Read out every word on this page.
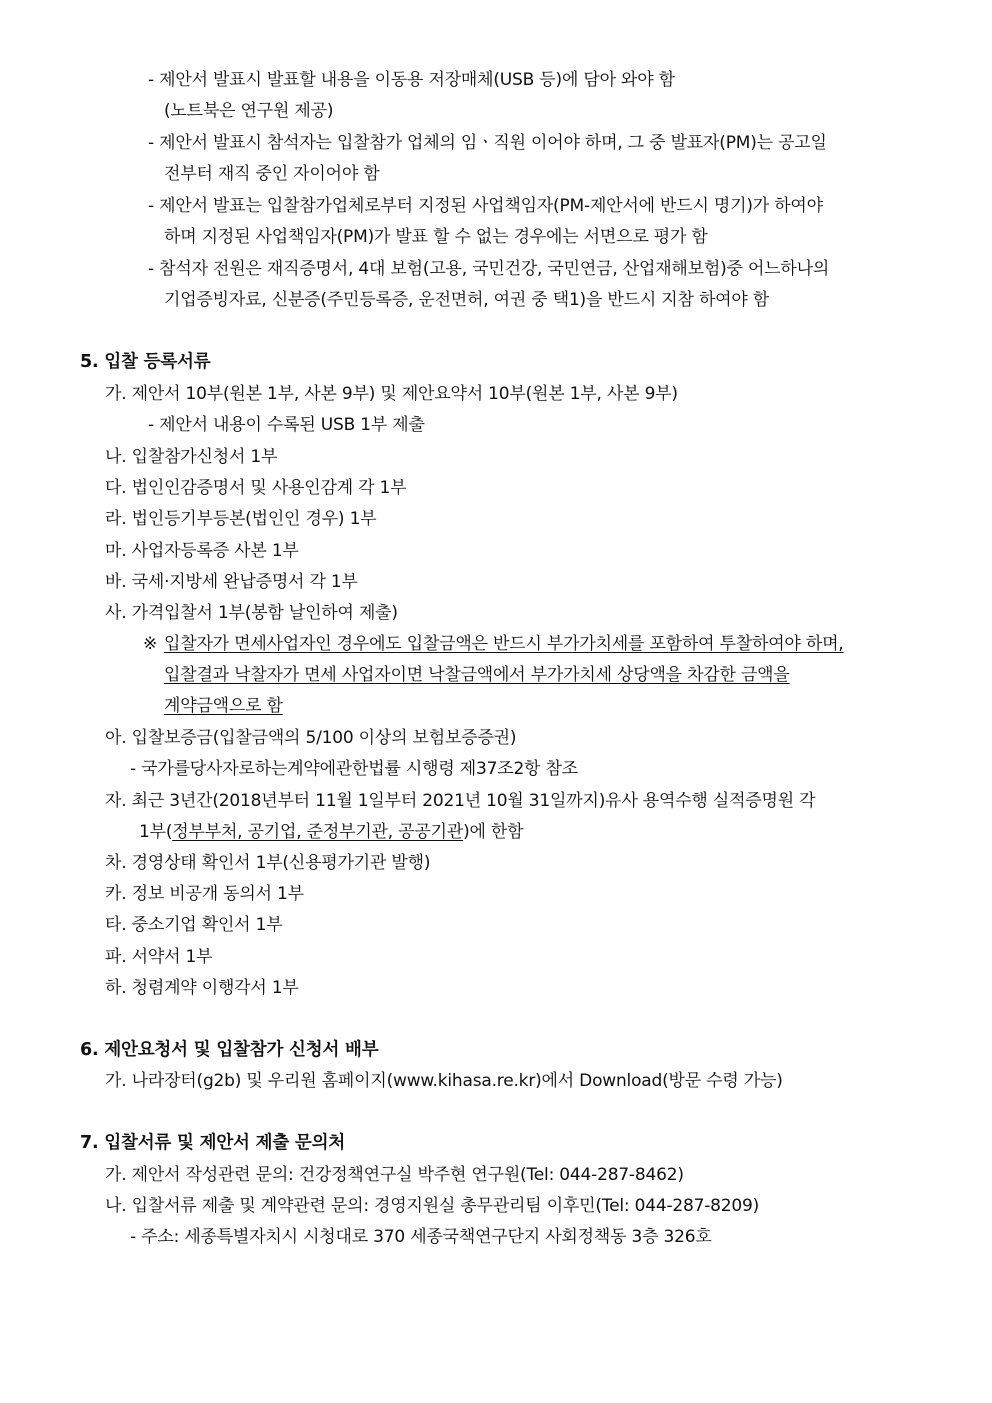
- 제안서 발표시 발표할 내용을 이동용 저장매체(USB 등)에 담아 와야 함
(노트북은 연구원 제공)
- 제안서 발표시 참석자는 입찰참가 업체의 임ㆍ직원 이어야 하며, 그 중 발표자(PM)는 공고일
전부터 재직 중인 자이어야 함
- 제안서 발표는 입찰참가업체로부터 지정된 사업책임자(PM-제안서에 반드시 명기)가 하여야
하며 지정된 사업책임자(PM)가 발표 할 수 없는 경우에는 서면으로 평가 함
- 참석자 전원은 재직증명서, 4대 보험(고용, 국민건강, 국민연금, 산업재해보험)중 어느하나의
기업증빙자료, 신분증(주민등록증, 운전면허, 여권 중 택1)을 반드시 지참 하여야 함
5. 입찰 등록서류
가. 제안서 10부(원본 1부, 사본 9부) 및 제안요약서 10부(원본 1부, 사본 9부)
- 제안서 내용이 수록된 USB 1부 제출
나. 입찰참가신청서 1부
다. 법인인감증명서 및 사용인감계 각 1부
라. 법인등기부등본(법인인 경우) 1부
마. 사업자등록증 사본 1부
바. 국세·지방세 완납증명서 각 1부
사. 가격입찰서 1부(봉함 날인하여 제출)
※ 입찰자가 면세사업자인 경우에도 입찰금액은 반드시 부가가치세를 포함하여 투찰하여야 하며,
입찰결과 낙찰자가 면세 사업자이면 낙찰금액에서 부가가치세 상당액을 차감한 금액을
계약금액으로 함
아. 입찰보증금(입찰금액의 5/100 이상의 보험보증증권)
- 국가를당사자로하는계약에관한법률 시행령 제37조2항 참조
자. 최근 3년간(2018년부터 11월 1일부터 2021년 10월 31일까지)유사 용역수행 실적증명원 각
1부(정부부처, 공기업, 준정부기관, 공공기관)에 한함
차. 경영상태 확인서 1부(신용평가기관 발행)
카. 정보 비공개 동의서 1부
타. 중소기업 확인서 1부
파. 서약서 1부
하. 청렴계약 이행각서 1부
6. 제안요청서 및 입찰참가 신청서 배부
가. 나라장터(g2b) 및 우리원 홈페이지(www.kihasa.re.kr)에서 Download(방문 수령 가능)
7. 입찰서류 및 제안서 제출 문의처
가. 제안서 작성관련 문의: 건강정책연구실 박주현 연구원(Tel: 044-287-8462)
나. 입찰서류 제출 및 계약관련 문의: 경영지원실 총무관리팀 이후민(Tel: 044-287-8209)
- 주소: 세종특별자치시 시청대로 370 세종국책연구단지 사회정책동 3층 326호
